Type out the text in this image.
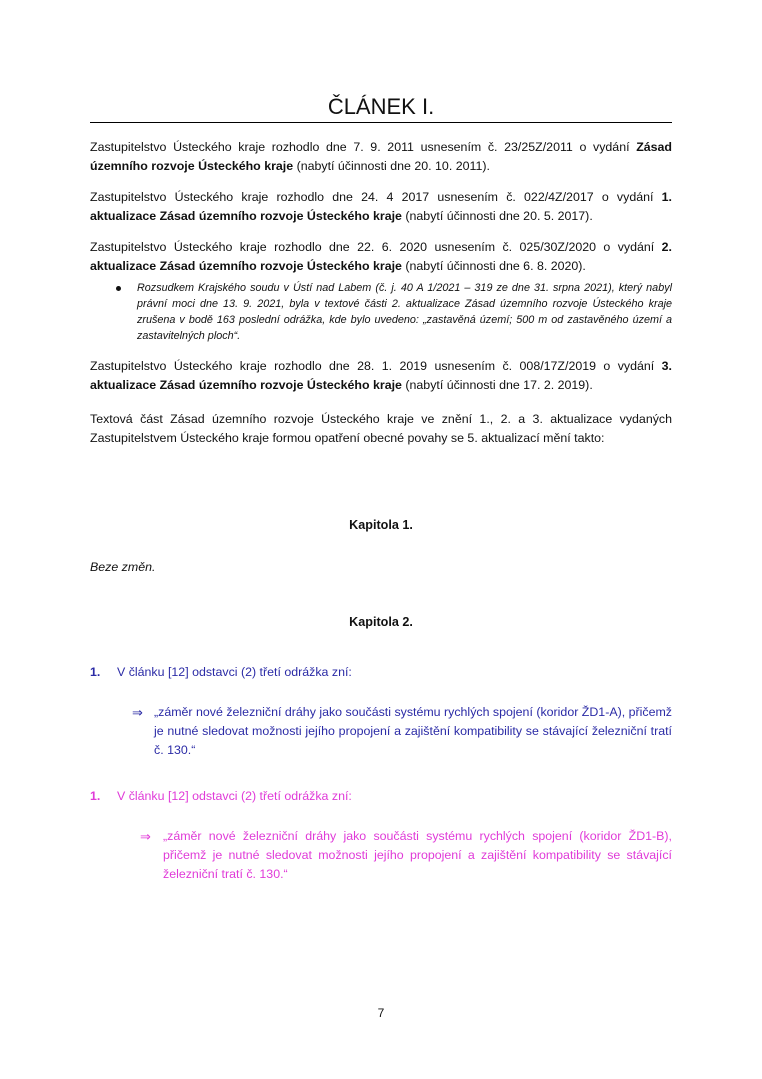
ČLÁNEK I.
Zastupitelstvo Ústeckého kraje rozhodlo dne 7. 9. 2011 usnesením č. 23/25Z/2011 o vydání Zásad územního rozvoje Ústeckého kraje (nabytí účinnosti dne 20. 10. 2011).
Zastupitelstvo Ústeckého kraje rozhodlo dne 24. 4 2017 usnesením č. 022/4Z/2017 o vydání 1. aktualizace Zásad územního rozvoje Ústeckého kraje (nabytí účinnosti dne 20. 5. 2017).
Zastupitelstvo Ústeckého kraje rozhodlo dne 22. 6. 2020 usnesením č. 025/30Z/2020 o vydání 2. aktualizace Zásad územního rozvoje Ústeckého kraje (nabytí účinnosti dne 6. 8. 2020).
Rozsudkem Krajského soudu v Ústí nad Labem (č. j. 40 A 1/2021 – 319 ze dne 31. srpna 2021), který nabyl právní moci dne 13. 9. 2021, byla v textové části 2. aktualizace Zásad územního rozvoje Ústeckého kraje zrušena v bodě 163 poslední odrážka, kde bylo uvedeno: „zastavěná území; 500 m od zastavěného území a zastavitelných ploch“.
Zastupitelstvo Ústeckého kraje rozhodlo dne 28. 1. 2019 usnesením č. 008/17Z/2019 o vydání 3. aktualizace Zásad územního rozvoje Ústeckého kraje (nabytí účinnosti dne 17. 2. 2019).
Textová část Zásad územního rozvoje Ústeckého kraje ve znění 1., 2. a 3. aktualizace vydaných Zastupitelstvem Ústeckého kraje formou opatření obecné povahy se 5. aktualizací mění takto:
Kapitola 1.
Beze změn.
Kapitola 2.
1. V článku [12] odstavci (2) třetí odrážka zní:
⇒ „záměr nové železniční dráhy jako součásti systému rychlých spojení (koridor ŽD1-A), přičemž je nutné sledovat možnosti jejího propojení a zajištění kompatibility se stávající železniční tratí č. 130.“
1. V článku [12] odstavci (2) třetí odrážka zní:
⇒ „záměr nové železniční dráhy jako součásti systému rychlých spojení (koridor ŽD1-B), přičemž je nutné sledovat možnosti jejího propojení a zajištění kompatibility se stávající železniční tratí č. 130.“
7
